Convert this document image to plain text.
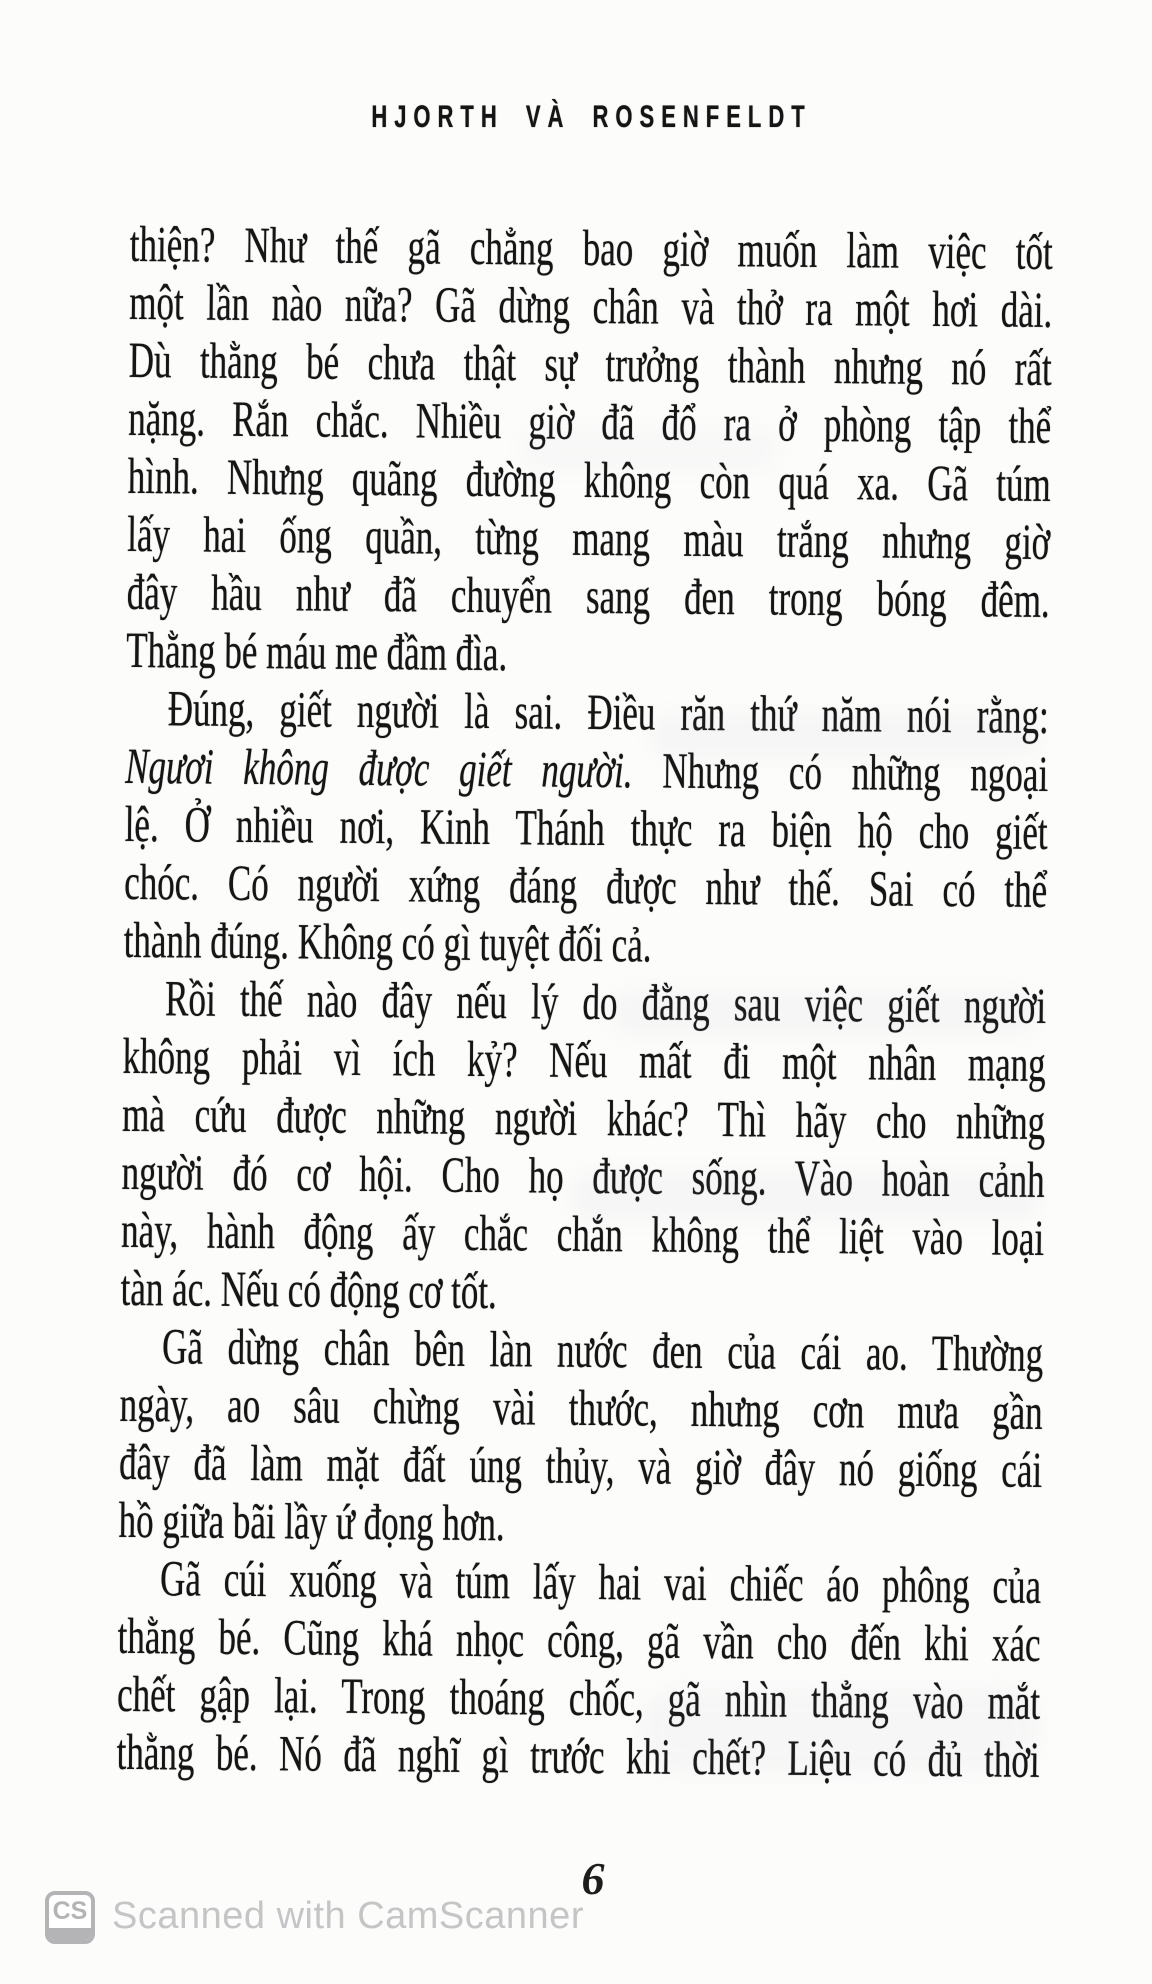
HJORTH VÀ ROSENFELDT
thiện? Như thế gã chẳng bao giờ muốn làm việc tốt
một lần nào nữa? Gã dừng chân và thở ra một hơi dài.
Dù thằng bé chưa thật sự trưởng thành nhưng nó rất
nặng. Rắn chắc. Nhiều giờ đã đổ ra ở phòng tập thể
hình. Nhưng quãng đường không còn quá xa. Gã túm
lấy hai ống quần, từng mang màu trắng nhưng giờ
đây hầu như đã chuyển sang đen trong bóng đêm.
Thằng bé máu me đầm đìa.
Đúng, giết người là sai. Điều răn thứ năm nói rằng:
Ngươi không được giết người. Nhưng có những ngoại
lệ. Ở nhiều nơi, Kinh Thánh thực ra biện hộ cho giết
chóc. Có người xứng đáng được như thế. Sai có thể
thành đúng. Không có gì tuyệt đối cả.
Rồi thế nào đây nếu lý do đằng sau việc giết người
không phải vì ích kỷ? Nếu mất đi một nhân mạng
mà cứu được những người khác? Thì hãy cho những
người đó cơ hội. Cho họ được sống. Vào hoàn cảnh
này, hành động ấy chắc chắn không thể liệt vào loại
tàn ác. Nếu có động cơ tốt.
Gã dừng chân bên làn nước đen của cái ao. Thường
ngày, ao sâu chừng vài thước, nhưng cơn mưa gần
đây đã làm mặt đất úng thủy, và giờ đây nó giống cái
hồ giữa bãi lầy ứ đọng hơn.
Gã cúi xuống và túm lấy hai vai chiếc áo phông của
thằng bé. Cũng khá nhọc công, gã vần cho đến khi xác
chết gập lại. Trong thoáng chốc, gã nhìn thẳng vào mắt
thằng bé. Nó đã nghĩ gì trước khi chết? Liệu có đủ thời
6
CS Scanned with CamScanner
